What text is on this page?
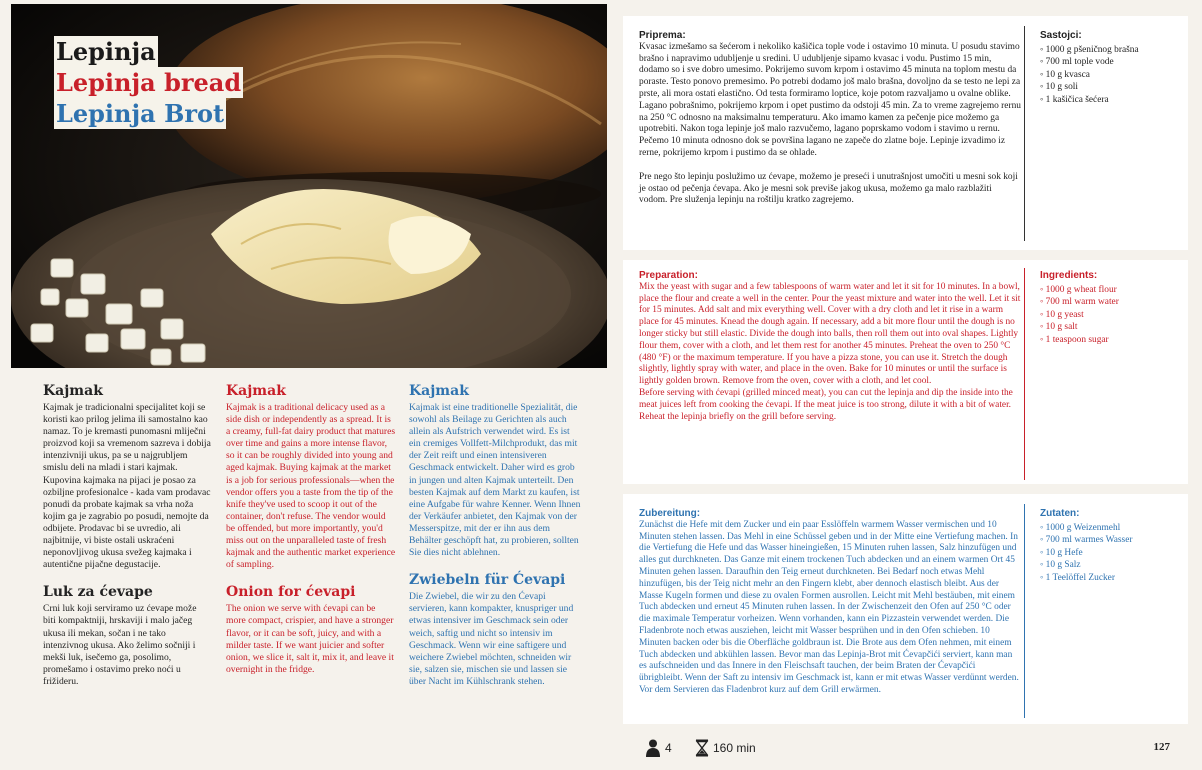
Lepinja
Lepinja bread
Lepinja Brot
Kajmak

Kajmak je tradicionalni specijalitet koji se koristi kao prilog jelima ili samostalno kao namaz. To je kremasti punomasni mliječni proizvod koji sa vremenom sazreva i dobija intenzivniji ukus, pa se u najgrublјem smislu deli na mladi i stari kajmak. Kupovina kajmaka na pijaci je posao za ozbiljne profesionalce - kada vam prodavac ponudi da probate kajmak sa vrha noža kojim ga je zagrabio po posudi, nemojte da odbijete. Prodavac bi se uvredio, ali najbitnije, vi biste ostali uskraćeni neponovljivog ukusa svežeg kajmaka i autentične pijačne degustacije.

Luk za ćevape

Crni luk koji serviramo uz ćevape može biti kompaktniji, hrskaviji i malo jačeg ukusa ili mekan, sočan i ne tako intenzivnog ukusa. Ako želimo sočniji i mekši luk, isečemo ga, posolimo, promešamo i ostavimo preko noći u frižideru.

Kajmak

Kajmak is a traditional delicacy used as a side dish or independently as a spread. It is a creamy, full-fat dairy product that matures over time and gains a more intense flavor, so it can be roughly divided into young and aged kajmak. Buying kajmak at the market is a job for serious professionals—when the vendor offers you a taste from the tip of the knife they've used to scoop it out of the container, don't refuse. The vendor would be offended, but more importantly, you'd miss out on the unparalleled taste of fresh kajmak and the authentic market experience of sampling.

Onion for ćevapi

The onion we serve with ćevapi can be more compact, crispier, and have a stronger flavor, or it can be soft, juicy, and with a milder taste. If we want juicier and softer onion, we slice it, salt it, mix it, and leave it overnight in the fridge.

Kajmak

Kajmak ist eine traditionelle Spezialität, die sowohl als Beilage zu Gerichten als auch allein als Aufstrich verwendet wird. Es ist ein cremiges Vollfett-Milchprodukt, das mit der Zeit reift und einen intensiveren Geschmack entwickelt. Daher wird es grob in jungen und alten Kajmak unterteilt. Den besten Kajmak auf dem Markt zu kaufen, ist eine Aufgabe für wahre Kenner. Wenn Ihnen der Verkäufer anbietet, den Kajmak von der Messerspitze, mit der er ihn aus dem Behälter geschöpft hat, zu probieren, sollten Sie dies nicht ablehnen.

Zwiebeln für Ćevapi

Die Zwiebel, die wir zu den Ćevapi servieren, kann kompakter, knuspriger und etwas intensiver im Geschmack sein oder weich, saftig und nicht so intensiv im Geschmack. Wenn wir eine saftigere und weichere Zwiebel möchten, schneiden wir sie, salzen sie, mischen sie und lassen sie über Nacht im Kühlschrank stehen.

Priprema:

Kvasac izmešamo sa šećerom i nekoliko kašičica tople vode i ostavimo 10 minuta. U posudu stavimo brašno i napravimo udubljenje u sredini. U udubljenje sipamo kvasac i vodu. Pustimo 15 min, dodamo so i sve dobro umesimo. Pokrijemo suvom krpom i ostavimo 45 minuta na toplom mestu da poraste. Testo ponovo premesimo. Po potrebi dodamo još malo brašna, dovoljno da se testo ne lepi za prste, ali mora ostati elastično. Od testa formiramo loptice, koje potom razvaljamo u ovalne oblike. Lagano pobrašnimo, pokrijemo krpom i opet pustimo da odstoji 45 min. Za to vreme zagrejemo rernu na 250 °C odnosno na maksimalnu temperaturu. Ako imamo kamen za pečenje pice možemo ga upotrebiti. Nakon toga lepinje još malo razvučemo, lagano poprskamo vodom i stavimo u rernu. Pečemo 10 minuta odnosno dok se površina lagano ne zapeče do zlatne boje. Lepinje izvadimo iz rerne, pokrijemo krpom i pustimo da se ohlade.

Pre nego što lepinju poslužimo uz ćevape, možemo je preseći i unutrašnjost umočiti u mesni sok koji je ostao od pečenja ćevapa. Ako je mesni sok previše jakog ukusa, možemo ga malo razblažiti vodom. Pre služenja lepinju na roštilju kratko zagrejemo.

Sastojci:
◦ 1000 g pšeničnog brašna
◦ 700 ml tople vode
◦ 10 g kvasca
◦ 10 g soli
◦ 1 kašičica šećera
Preparation:

Mix the yeast with sugar and a few tablespoons of warm water and let it sit for 10 minutes. In a bowl, place the flour and create a well in the center. Pour the yeast mixture and water into the well. Let it sit for 15 minutes. Add salt and mix everything well. Cover with a dry cloth and let it rise in a warm place for 45 minutes. Knead the dough again. If necessary, add a bit more flour until the dough is no longer sticky but still elastic. Divide the dough into balls, then roll them out into oval shapes. Lightly flour them, cover with a cloth, and let them rest for another 45 minutes. Preheat the oven to 250 °C (480 °F) or the maximum temperature. If you have a pizza stone, you can use it. Stretch the dough slightly, lightly spray with water, and place in the oven. Bake for 10 minutes or until the surface is lightly golden brown. Remove from the oven, cover with a cloth, and let cool.

Before serving with ćevapi (grilled minced meat), you can cut the lepinja and dip the inside into the meat juices left from cooking the ćevapi. If the meat juice is too strong, dilute it with a bit of water. Reheat the lepinja briefly on the grill before serving.

Ingredients:
◦ 1000 g wheat flour
◦ 700 ml warm water
◦ 10 g yeast
◦ 10 g salt
◦ 1 teaspoon sugar
Zubereitung:

Zunächst die Hefe mit dem Zucker und ein paar Esslöffeln warmem Wasser vermischen und 10 Minuten stehen lassen. Das Mehl in eine Schüssel geben und in der Mitte eine Vertiefung machen. In die Vertiefung die Hefe und das Wasser hineingießen, 15 Minuten ruhen lassen, Salz hinzufügen und alles gut durchkneten. Das Ganze mit einem trockenen Tuch abdecken und an einem warmen Ort 45 Minuten gehen lassen. Daraufhin den Teig erneut durchkneten. Bei Bedarf noch etwas Mehl hinzufügen, bis der Teig nicht mehr an den Fingern klebt, aber dennoch elastisch bleibt. Aus der Masse Kugeln formen und diese zu ovalen Formen ausrollen. Leicht mit Mehl bestäuben, mit einem Tuch abdecken und erneut 45 Minuten ruhen lassen. In der Zwischenzeit den Ofen auf 250 °C oder die maximale Temperatur vorheizen. Wenn vorhanden, kann ein Pizzastein verwendet werden. Die Fladenbrote noch etwas ausziehen, leicht mit Wasser besprühen und in den Ofen schieben. 10 Minuten backen oder bis die Oberfläche goldbraun ist. Die Brote aus dem Ofen nehmen, mit einem Tuch abdecken und abkühlen lassen. Bevor man das Lepinja-Brot mit Ćevapčići serviert, kann man es aufschneiden und das Innere in den Fleischsaft tauchen, der beim Braten der Ćevapčići übrigbleibt. Wenn der Saft zu intensiv im Geschmack ist, kann er mit etwas Wasser verdünnt werden. Vor dem Servieren das Fladenbrot kurz auf dem Grill erwärmen.

Zutaten:
◦ 1000 g Weizenmehl
◦ 700 ml warmes Wasser
◦ 10 g Hefe
◦ 10 g Salz
◦ 1 Teelöffel Zucker
4	160 min	127
